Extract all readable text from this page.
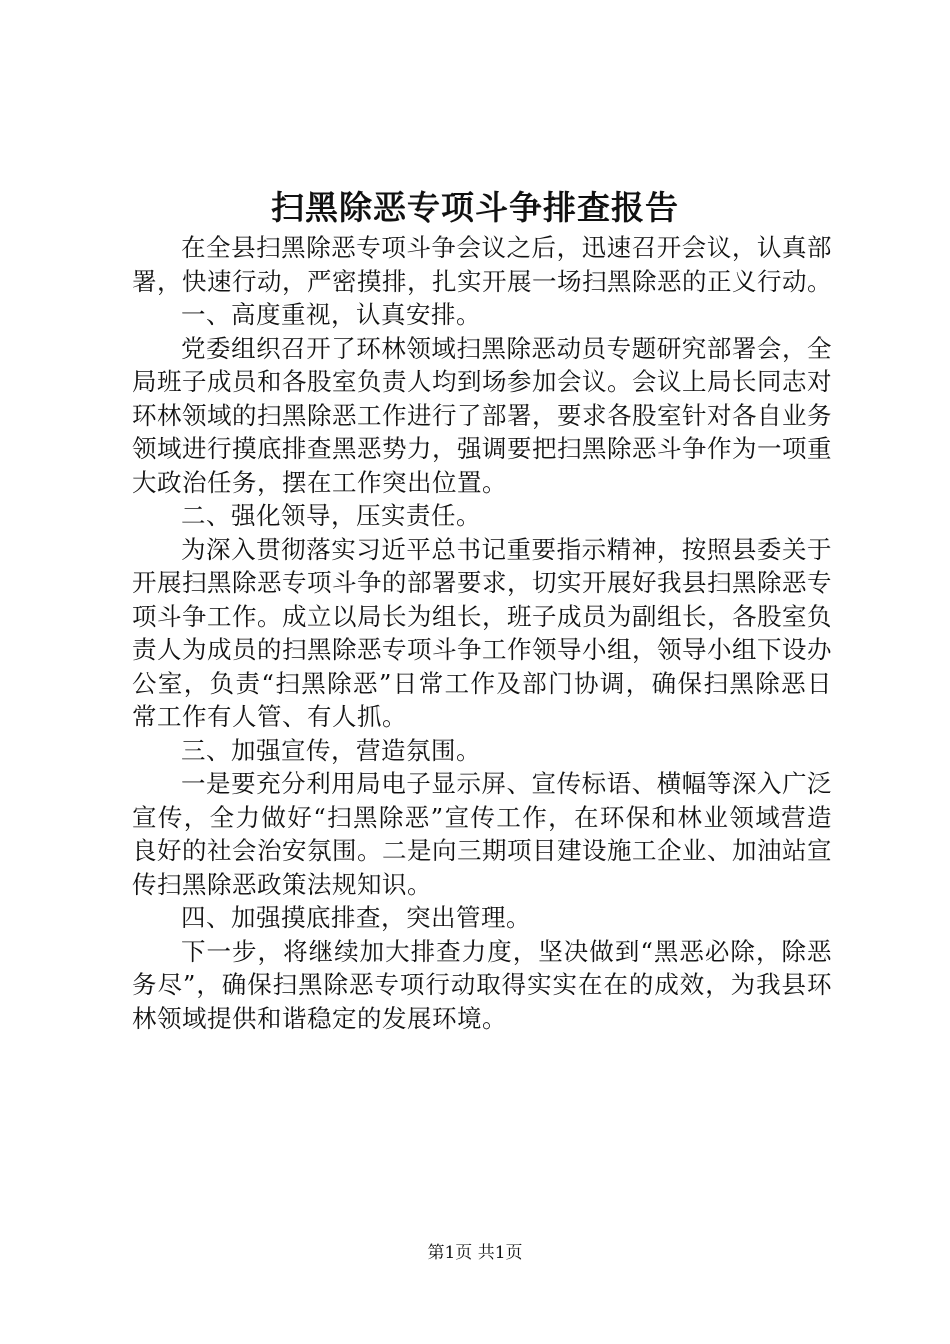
扫黑除恶专项斗争排查报告

在全县扫黑除恶专项斗争会议之后，迅速召开会议，认真部署，快速行动，严密摸排，扎实开展一场扫黑除恶的正义行动。

一、高度重视，认真安排。

党委组织召开了环林领域扫黑除恶动员专题研究部署会，全局班子成员和各股室负责人均到场参加会议。会议上局长同志对环林领域的扫黑除恶工作进行了部署，要求各股室针对各自业务领域进行摸底排查黑恶势力，强调要把扫黑除恶斗争作为一项重大政治任务，摆在工作突出位置。

二、强化领导，压实责任。

为深入贯彻落实习近平总书记重要指示精神，按照县委关于开展扫黑除恶专项斗争的部署要求，切实开展好我县扫黑除恶专项斗争工作。成立以局长为组长，班子成员为副组长，各股室负责人为成员的扫黑除恶专项斗争工作领导小组，领导小组下设办公室，负责“扫黑除恶”日常工作及部门协调，确保扫黑除恶日常工作有人管、有人抓。

三、加强宣传，营造氛围。

一是要充分利用局电子显示屏、宣传标语、横幅等深入广泛宣传，全力做好“扫黑除恶”宣传工作，在环保和林业领域营造良好的社会治安氛围。二是向三期项目建设施工企业、加油站宣传扫黑除恶政策法规知识。

四、加强摸底排查，突出管理。

下一步，将继续加大排查力度，坚决做到“黑恶必除，除恶务尽”，确保扫黑除恶专项行动取得实实在在的成效，为我县环林领域提供和谐稳定的发展环境。

第1页 共1页
